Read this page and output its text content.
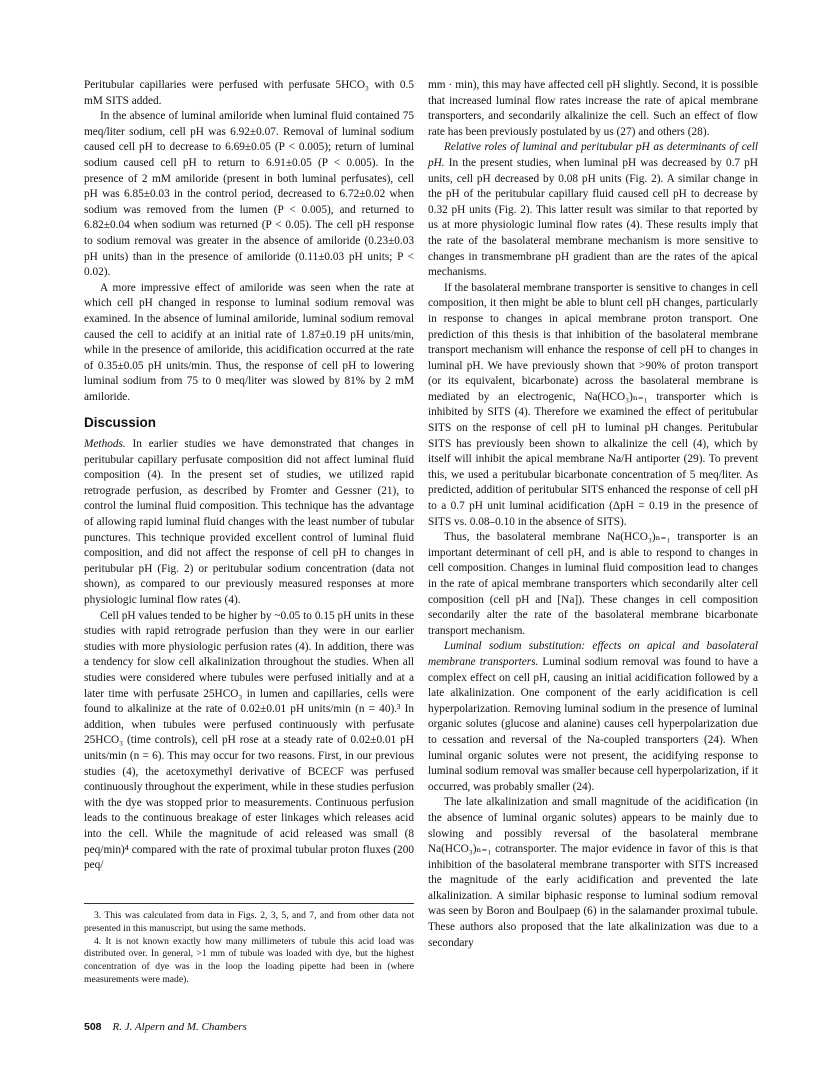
Peritubular capillaries were perfused with perfusate 5HCO₃ with 0.5 mM SITS added.

In the absence of luminal amiloride when luminal fluid contained 75 meq/liter sodium, cell pH was 6.92±0.07. Removal of luminal sodium caused cell pH to decrease to 6.69±0.05 (P < 0.005); return of luminal sodium caused cell pH to return to 6.91±0.05 (P < 0.005). In the presence of 2 mM amiloride (present in both luminal perfusates), cell pH was 6.85±0.03 in the control period, decreased to 6.72±0.02 when sodium was removed from the lumen (P < 0.005), and returned to 6.82±0.04 when sodium was returned (P < 0.05). The cell pH response to sodium removal was greater in the absence of amiloride (0.23±0.03 pH units) than in the presence of amiloride (0.11±0.03 pH units; P < 0.02).

A more impressive effect of amiloride was seen when the rate at which cell pH changed in response to luminal sodium removal was examined. In the absence of luminal amiloride, luminal sodium removal caused the cell to acidify at an initial rate of 1.87±0.19 pH units/min, while in the presence of amiloride, this acidification occurred at the rate of 0.35±0.05 pH units/min. Thus, the response of cell pH to lowering luminal sodium from 75 to 0 meq/liter was slowed by 81% by 2 mM amiloride.

Discussion

Methods. In earlier studies we have demonstrated that changes in peritubular capillary perfusate composition did not affect luminal fluid composition (4). In the present set of studies, we utilized rapid retrograde perfusion, as described by Fromter and Gessner (21), to control the luminal fluid composition. This technique has the advantage of allowing rapid luminal fluid changes with the least number of tubular punctures. This technique provided excellent control of luminal fluid composition, and did not affect the response of cell pH to changes in peritubular pH (Fig. 2) or peritubular sodium concentration (data not shown), as compared to our previously measured responses at more physiologic luminal flow rates (4).

Cell pH values tended to be higher by ~0.05 to 0.15 pH units in these studies with rapid retrograde perfusion than they were in our earlier studies with more physiologic perfusion rates (4). In addition, there was a tendency for slow cell alkalinization throughout the studies. When all studies were considered where tubules were perfused initially and at a later time with perfusate 25HCO₃ in lumen and capillaries, cells were found to alkalinize at the rate of 0.02±0.01 pH units/min (n = 40).³ In addition, when tubules were perfused continuously with perfusate 25HCO₃ (time controls), cell pH rose at a steady rate of 0.02±0.01 pH units/min (n = 6). This may occur for two reasons. First, in our previous studies (4), the acetoxymethyl derivative of BCECF was perfused continuously throughout the experiment, while in these studies perfusion with the dye was stopped prior to measurements. Continuous perfusion leads to the continuous breakage of ester linkages which releases acid into the cell. While the magnitude of acid released was small (8 peq/min)⁴ compared with the rate of proximal tubular proton fluxes (200 peq/

mm · min), this may have affected cell pH slightly. Second, it is possible that increased luminal flow rates increase the rate of apical membrane transporters, and secondarily alkalinize the cell. Such an effect of flow rate has been previously postulated by us (27) and others (28).

Relative roles of luminal and peritubular pH as determinants of cell pH. In the present studies, when luminal pH was decreased by 0.7 pH units, cell pH decreased by 0.08 pH units (Fig. 2). A similar change in the pH of the peritubular capillary fluid caused cell pH to decrease by 0.32 pH units (Fig. 2). This latter result was similar to that reported by us at more physiologic luminal flow rates (4). These results imply that the rate of the basolateral membrane mechanism is more sensitive to changes in transmembrane pH gradient than are the rates of the apical mechanisms.

If the basolateral membrane transporter is sensitive to changes in cell composition, it then might be able to blunt cell pH changes, particularly in response to changes in apical membrane proton transport. One prediction of this thesis is that inhibition of the basolateral membrane transport mechanism will enhance the response of cell pH to changes in luminal pH. We have previously shown that >90% of proton transport (or its equivalent, bicarbonate) across the basolateral membrane is mediated by an electrogenic, Na(HCO₃)ₙ₌₁ transporter which is inhibited by SITS (4). Therefore we examined the effect of peritubular SITS on the response of cell pH to luminal pH changes. Peritubular SITS has previously been shown to alkalinize the cell (4), which by itself will inhibit the apical membrane Na/H antiporter (29). To prevent this, we used a peritubular bicarbonate concentration of 5 meq/liter. As predicted, addition of peritubular SITS enhanced the response of cell pH to a 0.7 pH unit luminal acidification (ΔpH = 0.19 in the presence of SITS vs. 0.08–0.10 in the absence of SITS).

Thus, the basolateral membrane Na(HCO₃)ₙ₌₁ transporter is an important determinant of cell pH, and is able to respond to changes in cell composition. Changes in luminal fluid composition lead to changes in the rate of apical membrane transporters which secondarily alter cell composition (cell pH and [Na]). These changes in cell composition secondarily alter the rate of the basolateral membrane bicarbonate transport mechanism.

Luminal sodium substitution: effects on apical and basolateral membrane transporters. Luminal sodium removal was found to have a complex effect on cell pH, causing an initial acidification followed by a late alkalinization. One component of the early acidification is cell hyperpolarization. Removing luminal sodium in the presence of luminal organic solutes (glucose and alanine) causes cell hyperpolarization due to cessation and reversal of the Na-coupled transporters (24). When luminal organic solutes were not present, the acidifying response to luminal sodium removal was smaller because cell hyperpolarization, if it occurred, was probably smaller (24).

The late alkalinization and small magnitude of the acidification (in the absence of luminal organic solutes) appears to be mainly due to slowing and possibly reversal of the basolateral membrane Na(HCO₃)ₙ₌₁ cotransporter. The major evidence in favor of this is that inhibition of the basolateral membrane transporter with SITS increased the magnitude of the early acidification and prevented the late alkalinization. A similar biphasic response to luminal sodium removal was seen by Boron and Boulpaep (6) in the salamander proximal tubule. These authors also proposed that the late alkalinization was due to a secondary

3. This was calculated from data in Figs. 2, 3, 5, and 7, and from other data not presented in this manuscript, but using the same methods.

4. It is not known exactly how many millimeters of tubule this acid load was distributed over. In general, >1 mm of tubule was loaded with dye, but the highest concentration of dye was in the loop the loading pipette had been in (where measurements were made).

508 R. J. Alpern and M. Chambers
